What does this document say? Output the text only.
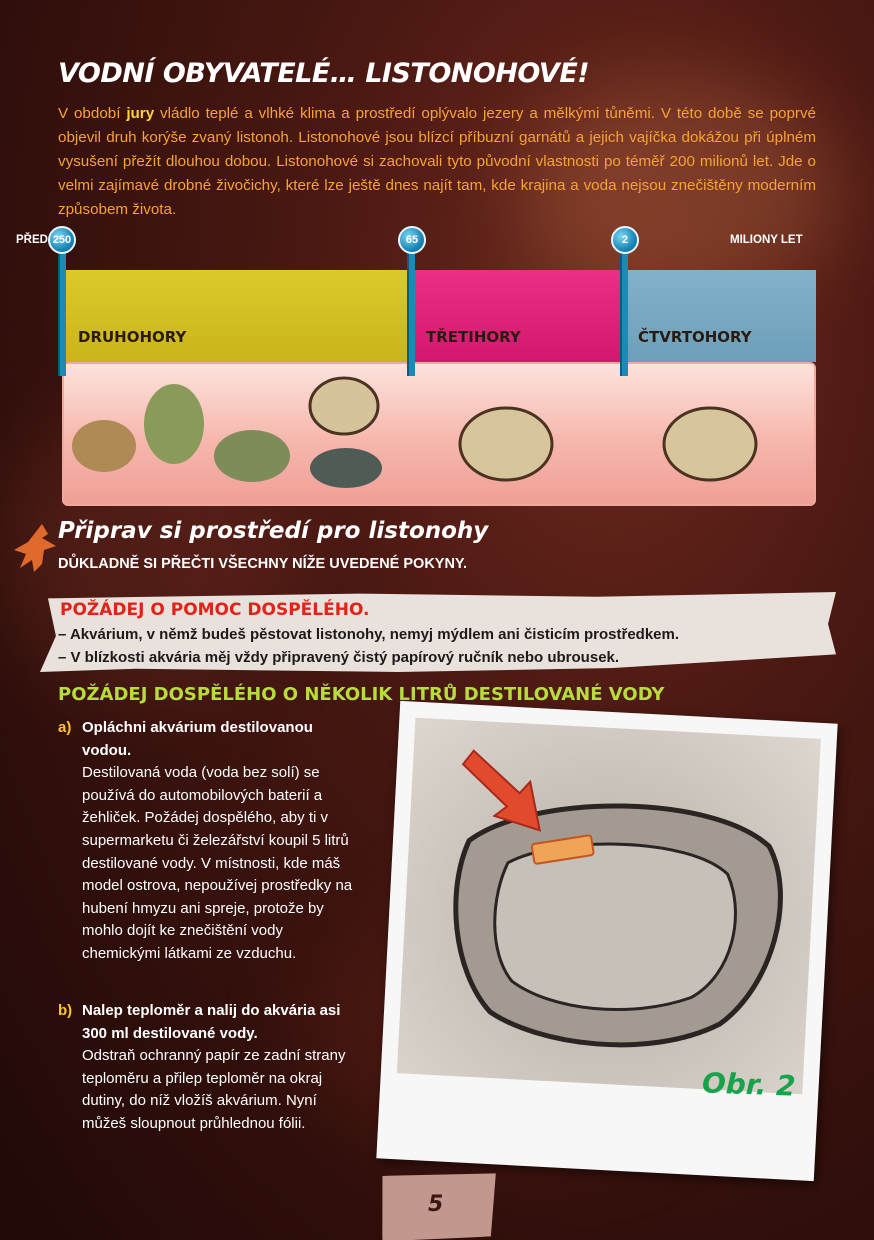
VODNÍ OBYVATELÉ… LISTONOHOVÉ!

V období jury vládlo teplé a vlhké klima a prostředí oplývalo jezery a mělkými tůněmi. V této době se poprvé objevil druh korýše zvaný listonoh. Listonohové jsou blízcí příbuzní garnátů a jejich vajíčka dokážou při úplném vysušení přežít dlouhou dobou. Listonohové si zachovali tyto původní vlastnosti po téměř 200 milionů let. Jde o velmi zajímavé drobné živočichy, které lze ještě dnes najít tam, kde krajina a voda nejsou znečištěny moderním způsobem života.

PŘED	MILIONY LET
DRUHOHORY	TŘETIHORY	ČTVRTOHORY
250	65	2
Připrav si prostředí pro listonohy
DŮKLADNĚ SI PŘEČTI VŠECHNY NÍŽE UVEDENÉ POKYNY.
POŽÁDEJ O POMOC DOSPĚLÉHO.
– Akvárium, v němž budeš pěstovat listonohy, nemyj mýdlem ani čisticím prostředkem.
– V blízkosti akvária měj vždy připravený čistý papírový ručník nebo ubrousek.
POŽÁDEJ DOSPĚLÉHO O NĚKOLIK LITRŮ DESTILOVANÉ VODY
a) Opláchni akvárium destilovanou vodou.
Destilovaná voda (voda bez solí) se používá do automobilových baterií a žehliček. Požádej dospělého, aby ti v supermarketu či železářství koupil 5 litrů destilované vody. V místnosti, kde máš model ostrova, nepoužívej prostředky na hubení hmyzu ani spreje, protože by mohlo dojít ke znečištění vody chemickými látkami ze vzduchu.
b) Nalep teploměr a nalij do akvária asi 300 ml destilované vody.
Odstraň ochranný papír ze zadní strany teploměru a přilep teploměr na okraj dutiny, do níž vložíš akvárium. Nyní můžeš sloupnout průhlednou fólii.
Obr. 2
5
